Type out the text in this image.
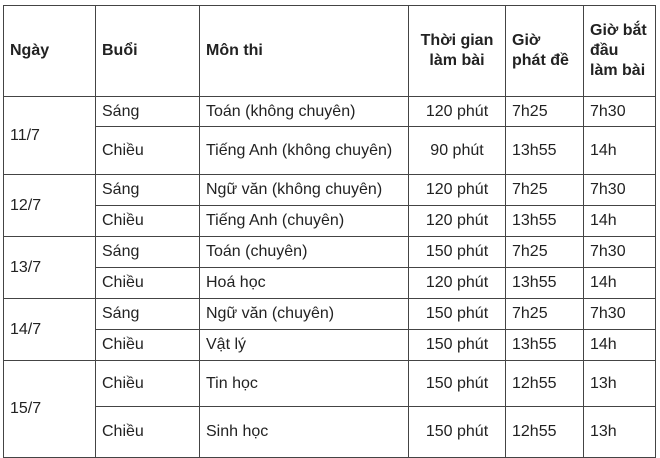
Ngày	Buổi	Môn thi	Thời gian làm bài	Giờ phát đề	Giờ bắt đầu làm bài
11/7	Sáng	Toán (không chuyên)	120 phút	7h25	7h30
	Chiều	Tiếng Anh (không chuyên)	90 phút	13h55	14h
12/7	Sáng	Ngữ văn (không chuyên)	120 phút	7h25	7h30
	Chiều	Tiếng Anh (chuyên)	120 phút	13h55	14h
13/7	Sáng	Toán (chuyên)	150 phút	7h25	7h30
	Chiều	Hoá học	120 phút	13h55	14h
14/7	Sáng	Ngữ văn (chuyên)	150 phút	7h25	7h30
	Chiều	Vật lý	150 phút	13h55	14h
15/7	Chiều	Tin học	150 phút	12h55	13h
	Chiều	Sinh học	150 phút	12h55	13h
